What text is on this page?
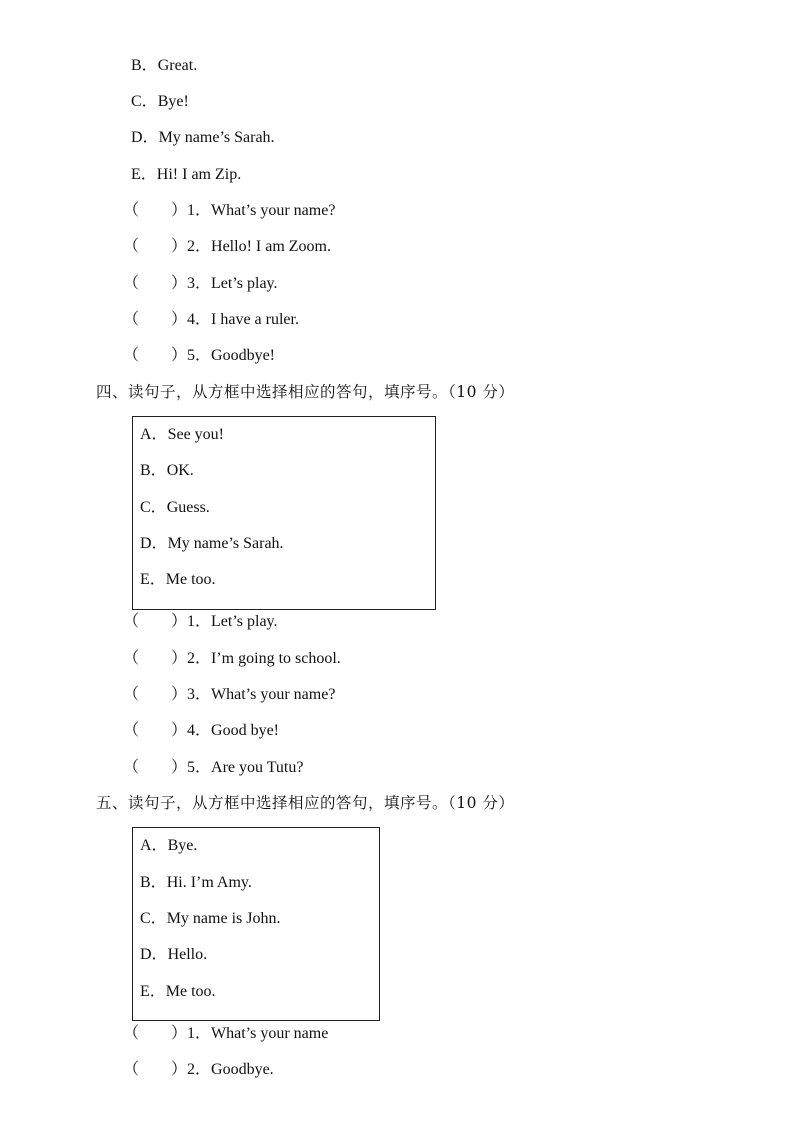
B．Great.
C．Bye!
D．My name’s Sarah.
E．Hi! I am Zip.
（ ）1．What’s your name?
（ ）2．Hello! I am Zoom.
（ ）3．Let’s play.
（ ）4．I have a ruler.
（ ）5．Goodbye!
四、读句子，从方框中选择相应的答句，填序号。（10 分）
A．See you!
B．OK.
C．Guess.
D．My name’s Sarah.
E．Me too.
（ ）1．Let’s play.
（ ）2．I’m going to school.
（ ）3．What’s your name?
（ ）4．Good bye!
（ ）5．Are you Tutu?
五、读句子，从方框中选择相应的答句，填序号。（10 分）
A．Bye.
B．Hi. I’m Amy.
C．My name is John.
D．Hello.
E．Me too.
（ ）1．What’s your name
（ ）2．Goodbye.
